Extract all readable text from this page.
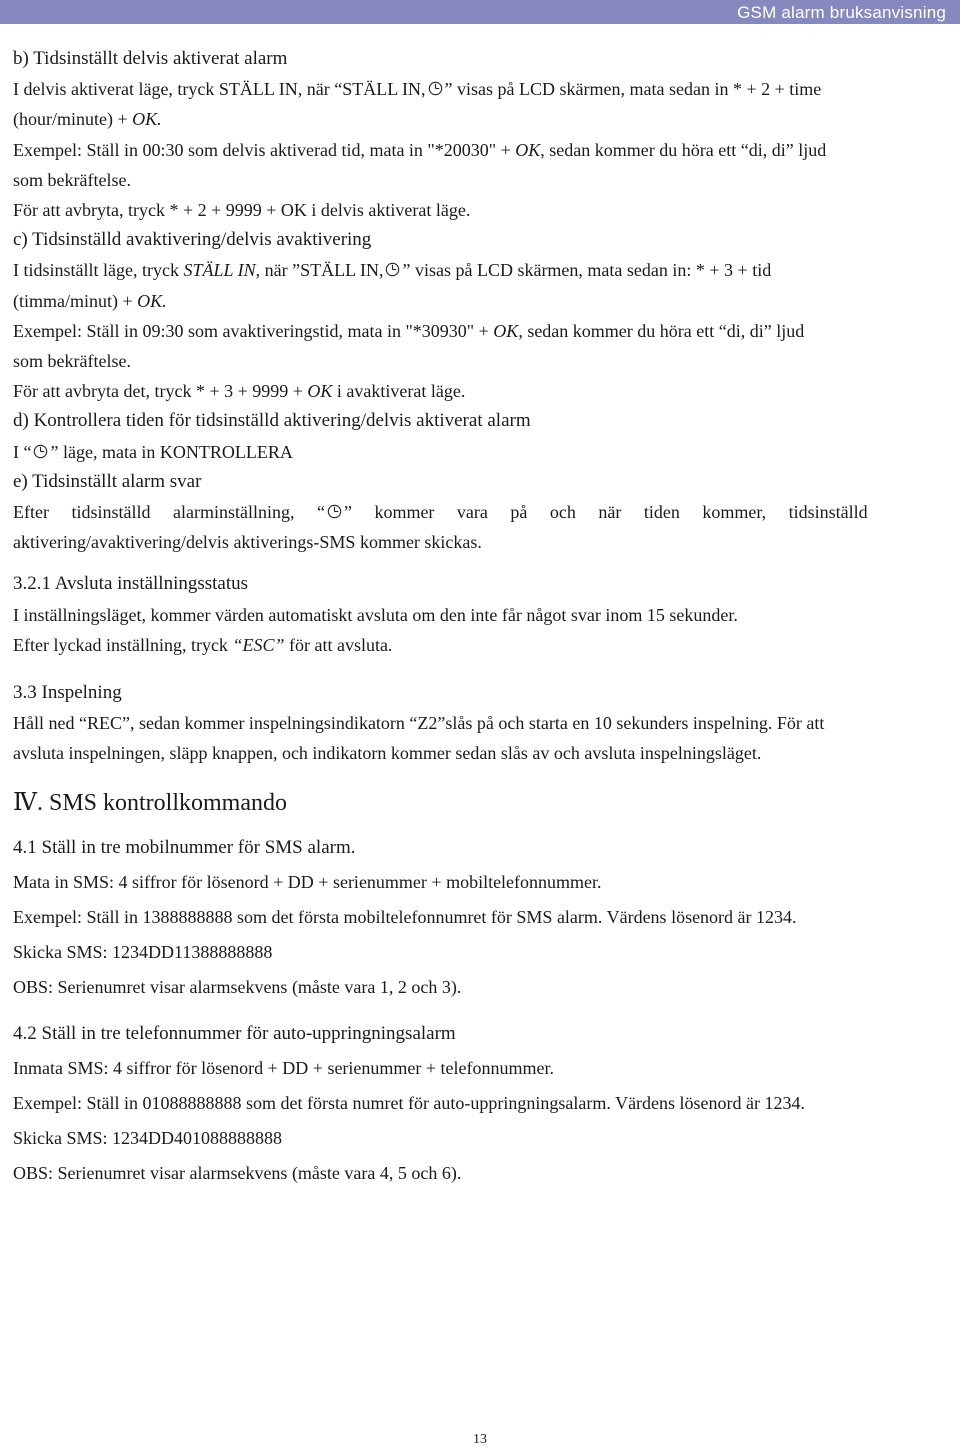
GSM alarm bruksanvisning
b) Tidsinställt delvis aktiverat alarm
I delvis aktiverat läge, tryck STÄLL IN, när “STÄLL IN, ” visas på LCD skärmen, mata sedan in * + 2 + time
(hour/minute) + OK.
Exempel: Ställ in 00:30 som delvis aktiverad tid, mata in "*20030" + OK, sedan kommer du höra ett “di, di” ljud
som bekräftelse.
För att avbryta, tryck * + 2 + 9999 + OK i delvis aktiverat läge.
c) Tidsinställd avaktivering/delvis avaktivering
I tidsinställt läge, tryck STÄLL IN, när ”STÄLL IN, ” visas på LCD skärmen, mata sedan in: * + 3 + tid
(timma/minut) + OK.
Exempel: Ställ in 09:30 som avaktiveringstid, mata in "*30930" + OK, sedan kommer du höra ett “di, di” ljud
som bekräftelse.
För att avbryta det, tryck * + 3 + 9999 + OK i avaktiverat läge.
d) Kontrollera tiden för tidsinställd aktivering/delvis aktiverat alarm
I “ ” läge, mata in KONTROLLERA
e) Tidsinställt alarm svar
Efter tidsinställd alarminställning, “ ” kommer vara på och när tiden kommer, tidsinställd
aktivering/avaktivering/delvis aktiverings-SMS kommer skickas.
3.2.1 Avsluta inställningsstatus
I inställningsläget, kommer värden automatiskt avsluta om den inte får något svar inom 15 sekunder.
Efter lyckad inställning, tryck “ESC” för att avsluta.
3.3 Inspelning
Håll ned “REC”, sedan kommer inspelningsindikatorn “Z2”slås på och starta en 10 sekunders inspelning. För att
avsluta inspelningen, släpp knappen, och indikatorn kommer sedan slås av och avsluta inspelningsläget.
Ⅳ. SMS kontrollkommando
4.1 Ställ in tre mobilnummer för SMS alarm.
Mata in SMS: 4 siffror för lösenord + DD + serienummer + mobiltelefonnummer.
Exempel: Ställ in 1388888888 som det första mobiltelefonnumret för SMS alarm. Värdens lösenord är 1234.
Skicka SMS: 1234DD11388888888
OBS: Serienumret visar alarmsekvens (måste vara 1, 2 och 3).
4.2 Ställ in tre telefonnummer för auto-uppringningsalarm
Inmata SMS: 4 siffror för lösenord + DD + serienummer + telefonnummer.
Exempel: Ställ in 01088888888 som det första numret för auto-uppringningsalarm. Värdens lösenord är 1234.
Skicka SMS: 1234DD401088888888
OBS: Serienumret visar alarmsekvens (måste vara 4, 5 och 6).
13
